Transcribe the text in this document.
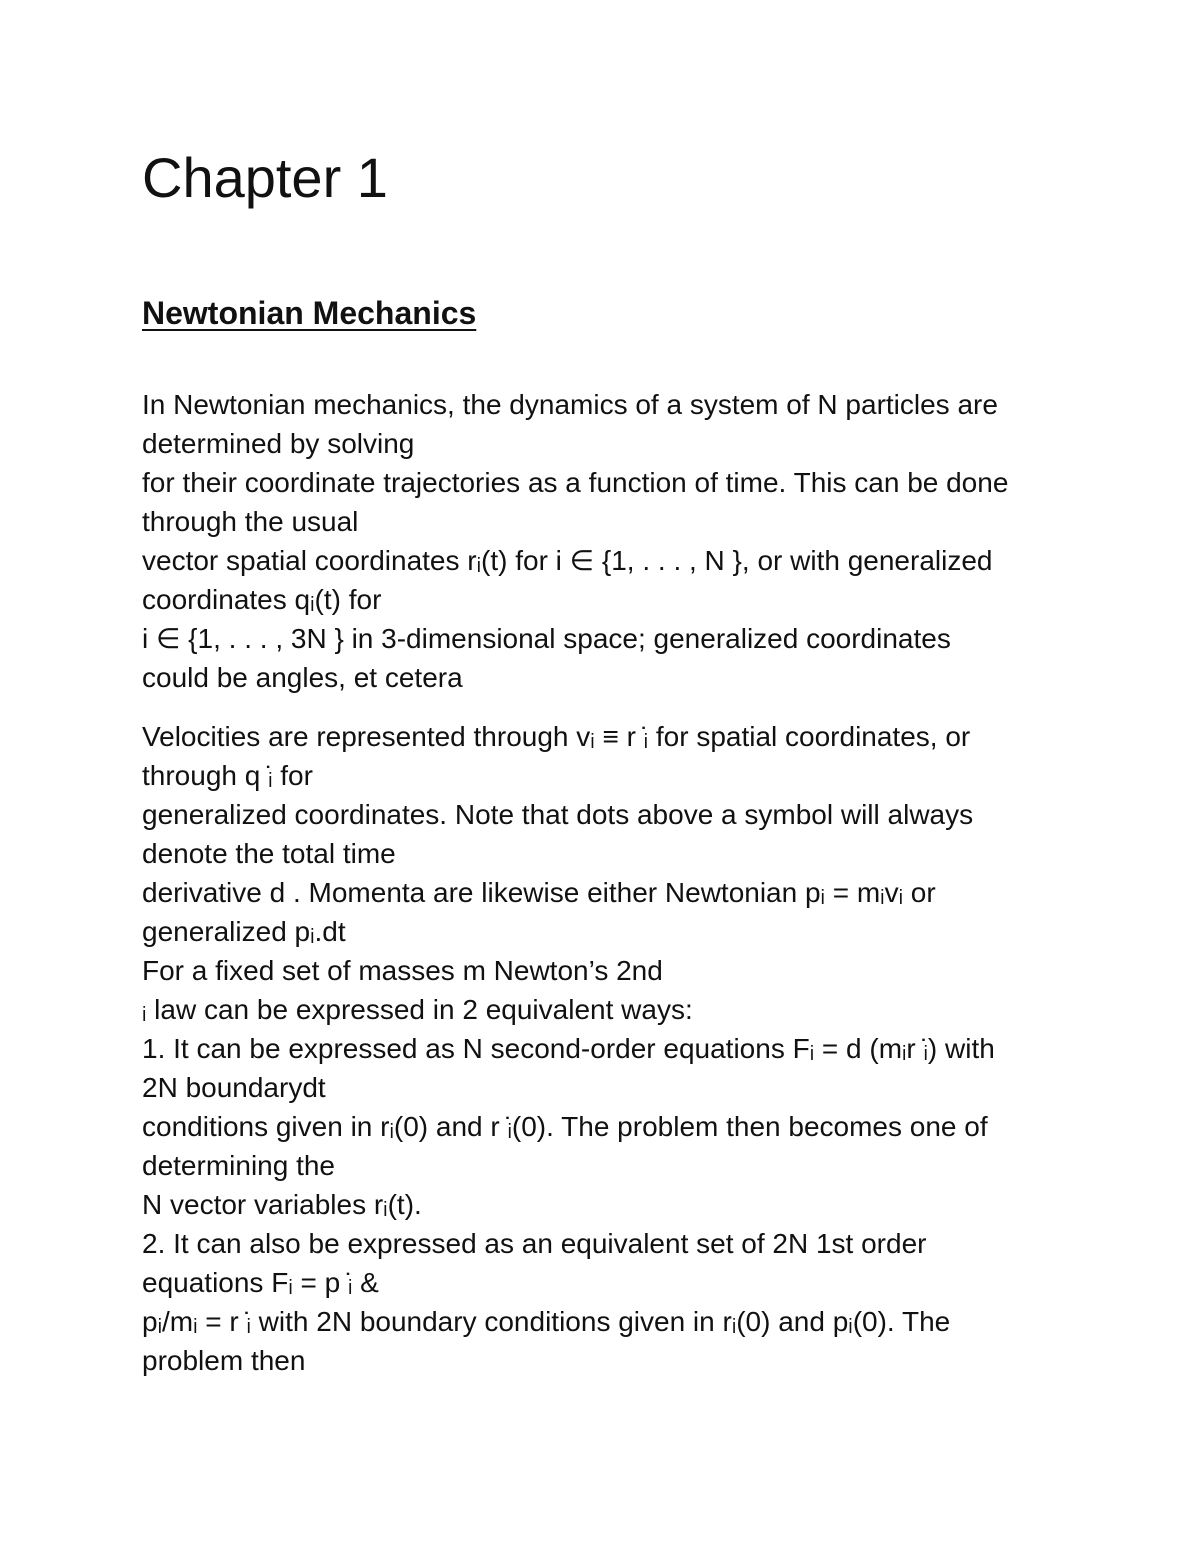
Chapter 1
Newtonian Mechanics

In Newtonian mechanics, the dynamics of a system of N particles are

determined by solving

for their coordinate trajectories as a function of time. This can be done

through the usual

vector spatial coordinates rᵢ(t) for i ∈ {1, . . . , N }, or with generalized

coordinates qᵢ(t) for

i ∈ {1, . . . , 3N } in 3-dimensional space; generalized coordinates

could be angles, et cetera

Velocities are represented through vᵢ ≡ r ̇ᵢ for spatial coordinates, or

through q ̇ᵢ for

generalized coordinates. Note that dots above a symbol will always

denote the total time

derivative d . Momenta are likewise either Newtonian pᵢ = mᵢvᵢ or

generalized pᵢ.dt

For a fixed set of masses m Newton’s 2nd

ᵢ law can be expressed in 2 equivalent ways:

1. It can be expressed as N second-order equations Fᵢ = d (mᵢr ̇ᵢ) with

2N boundarydt

conditions given in rᵢ(0) and r ̇ᵢ(0). The problem then becomes one of

determining the

N vector variables rᵢ(t).

2. It can also be expressed as an equivalent set of 2N 1st order

equations Fᵢ = p ̇ᵢ &

pᵢ/mᵢ = r ̇ᵢ with 2N boundary conditions given in rᵢ(0) and pᵢ(0). The

problem then
